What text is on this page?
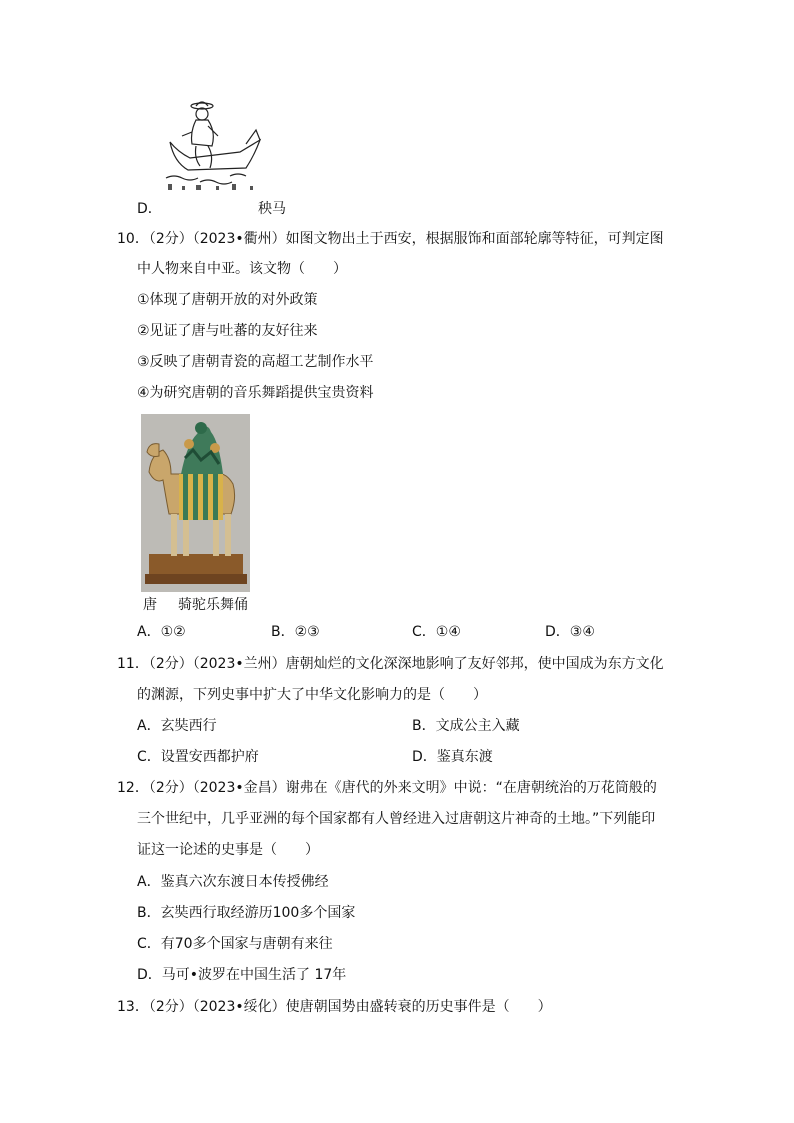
D．	秧马
10．（2分）（2023•衢州）如图文物出土于西安，根据服饰和面部轮廓等特征，可判定图
中人物来自中亚。该文物（　　）
①体现了唐朝开放的对外政策
②见证了唐与吐蕃的友好往来
③反映了唐朝青瓷的高超工艺制作水平
④为研究唐朝的音乐舞蹈提供宝贵资料
唐 骑驼乐舞俑
A．①②	B．②③	C．①④	D．③④
11．（2分）（2023•兰州）唐朝灿烂的文化深深地影响了友好邻邦，使中国成为东方文化
的渊源，下列史事中扩大了中华文化影响力的是（　　）
A．玄奘西行	B．文成公主入藏
C．设置安西都护府	D．鉴真东渡
12．（2分）（2023•金昌）谢弗在《唐代的外来文明》中说：“在唐朝统治的万花筒般的
三个世纪中，几乎亚洲的每个国家都有人曾经进入过唐朝这片神奇的土地。”下列能印
证这一论述的史事是（　　）
A．鉴真六次东渡日本传授佛经
B．玄奘西行取经游历100多个国家
C．有70多个国家与唐朝有来往
D．马可•波罗在中国生活了 17年
13．（2分）（2023•绥化）使唐朝国势由盛转衰的历史事件是（　　）
